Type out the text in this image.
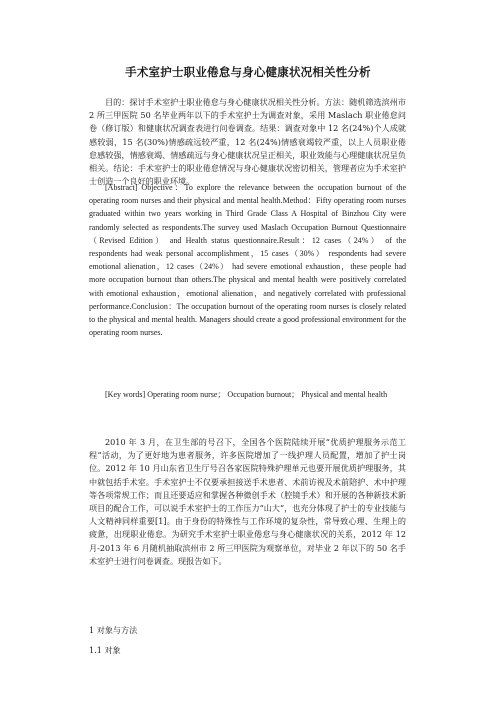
手术室护士职业倦怠与身心健康状况相关性分析

目的：探讨手术室护士职业倦怠与身心健康状况相关性分析。方法：随机筛选滨州市 2 所三甲医院 50 名毕业两年以下的手术室护士为调查对象，采用 Maslach 职业倦怠问卷（修订版）和健康状况调查表进行问卷调查。结果：调查对象中 12 名(24%)个人成就感较弱，15 名(30%)情感疏远较严重，12 名(24%)情感衰竭较严重，以上人员职业倦怠感较强，情感衰竭、情感疏远与身心健康状况呈正相关，职业效能与心理健康状况呈负相关。结论：手术室护士的职业倦怠情况与身心健康状况密切相关，管理者应为手术室护士创造一个良好的职业环境。

[Abstract] Objective：To explore the relevance between the occupation burnout of the operating room nurses and their physical and mental health.Method：Fifty operating room nurses graduated within two years working in Third Grade Class A Hospital of Binzhou City were randomly selected as respondents.The survey used Maslach Occupation Burnout Questionnaire（Revised Edition） and Health status questionnaire.Result：12 cases（24%） of the respondents had weak personal accomplishment，15 cases（30%） respondents had severe emotional alienation，12 cases（24%） had severe emotional exhaustion，these people had more occupation burnout than others.The physical and mental health were positively correlated with emotional exhaustion，emotional alienation，and negatively correlated with professional performance.Conclusion：The occupation burnout of the operating room nurses is closely related to the physical and mental health. Managers should create a good professional environment for the operating room nurses.

[Key words] Operating room nurse； Occupation burnout； Physical and mental health

2010 年 3 月，在卫生部的号召下，全国各个医院陆续开展“优质护理服务示范工程”活动，为了更好地为患者服务，许多医院增加了一线护理人员配置，增加了护士岗位。2012 年 10 月山东省卫生厅号召各家医院特殊护理单元也要开展优质护理服务，其中就包括手术室。手术室护士不仅要承担接送手术患者、术前访视及术前陪护、术中护理等各项常规工作；而且还要适应和掌握各种微创手术（腔镜手术）和开展的各种新技术新项目的配合工作，可以说手术室护士的工作压力“山大”，也充分体现了护士的专业技能与人文精神同样重要[1]。由于身份的特殊性与工作环境的复杂性，常导致心理、生理上的疲惫，出现职业倦怠。为研究手术室护士职业倦怠与身心健康状况的关系，2012 年 12 月-2013 年 6 月随机抽取滨州市 2 所三甲医院为观察单位，对毕业 2 年以下的 50 名手术室护士进行问卷调查。现报告如下。

1 对象与方法

1.1 对象
